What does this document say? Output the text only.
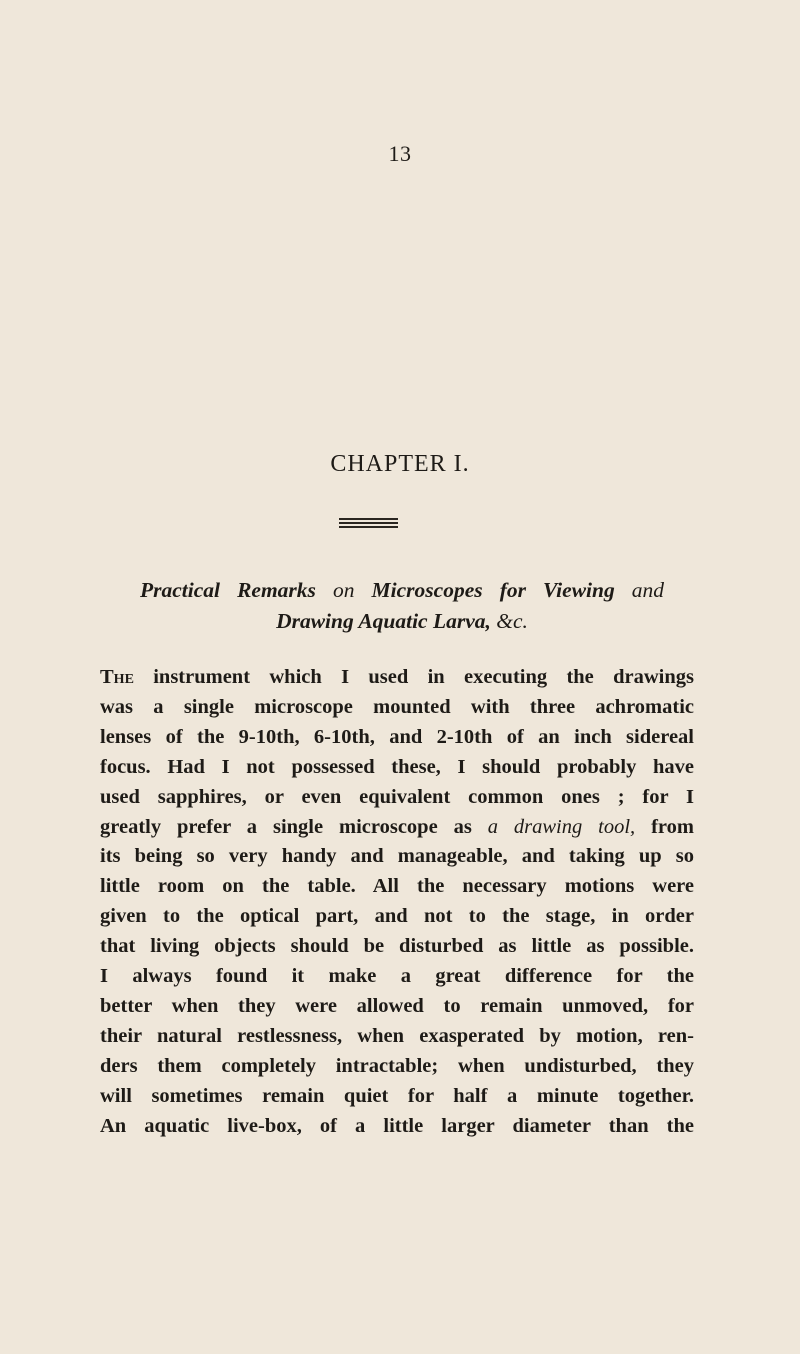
13
CHAPTER I.
Practical Remarks on Microscopes for Viewing and
Drawing Aquatic Larva, &c.
The instrument which I used in executing the drawings
was a single microscope mounted with three achromatic
lenses of the 9-10th, 6-10th, and 2-10th of an inch sidereal
focus. Had I not possessed these, I should probably have
used sapphires, or even equivalent common ones ; for I
greatly prefer a single microscope as a drawing tool, from
its being so very handy and manageable, and taking up so
little room on the table. All the necessary motions were
given to the optical part, and not to the stage, in order
that living objects should be disturbed as little as possible.
I always found it make a great difference for the
better when they were allowed to remain unmoved, for
their natural restlessness, when exasperated by motion, ren-
ders them completely intractable; when undisturbed, they
will sometimes remain quiet for half a minute together.
An aquatic live-box, of a little larger diameter than the
